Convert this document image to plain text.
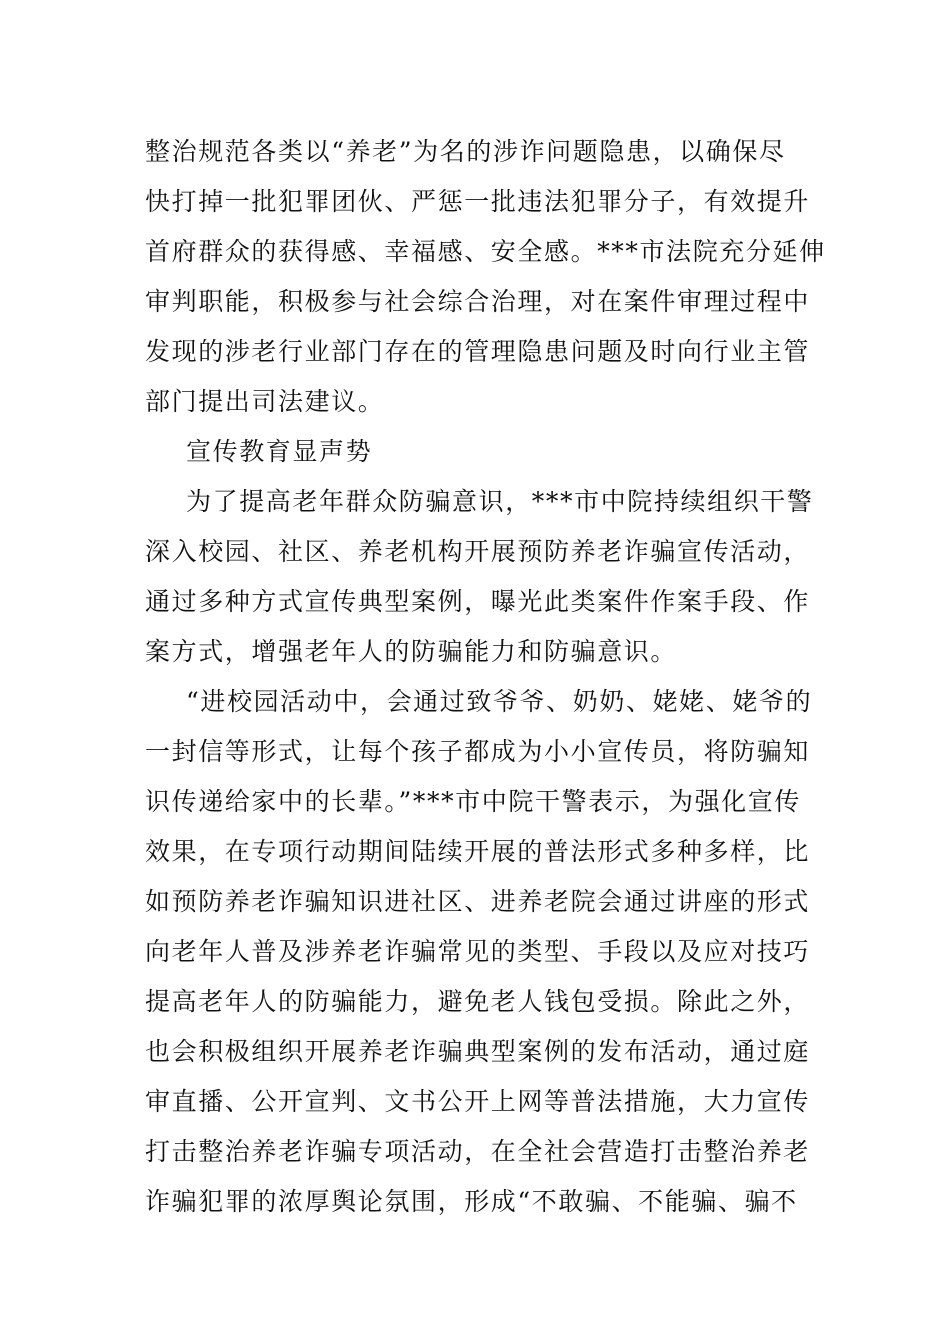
整治规范各类以“养老”为名的涉诈问题隐患，以确保尽
快打掉一批犯罪团伙、严惩一批违法犯罪分子，有效提升
首府群众的获得感、幸福感、安全感。***市法院充分延伸
审判职能，积极参与社会综合治理，对在案件审理过程中
发现的涉老行业部门存在的管理隐患问题及时向行业主管
部门提出司法建议。
宣传教育显声势
为了提高老年群众防骗意识，***市中院持续组织干警
深入校园、社区、养老机构开展预防养老诈骗宣传活动，
通过多种方式宣传典型案例，曝光此类案件作案手段、作
案方式，增强老年人的防骗能力和防骗意识。
“进校园活动中，会通过致爷爷、奶奶、姥姥、姥爷的
一封信等形式，让每个孩子都成为小小宣传员，将防骗知
识传递给家中的长辈。”***市中院干警表示，为强化宣传
效果，在专项行动期间陆续开展的普法形式多种多样，比
如预防养老诈骗知识进社区、进养老院会通过讲座的形式
向老年人普及涉养老诈骗常见的类型、手段以及应对技巧
提高老年人的防骗能力，避免老人钱包受损。除此之外，
也会积极组织开展养老诈骗典型案例的发布活动，通过庭
审直播、公开宣判、文书公开上网等普法措施，大力宣传
打击整治养老诈骗专项活动，在全社会营造打击整治养老
诈骗犯罪的浓厚舆论氛围，形成“不敢骗、不能骗、骗不
